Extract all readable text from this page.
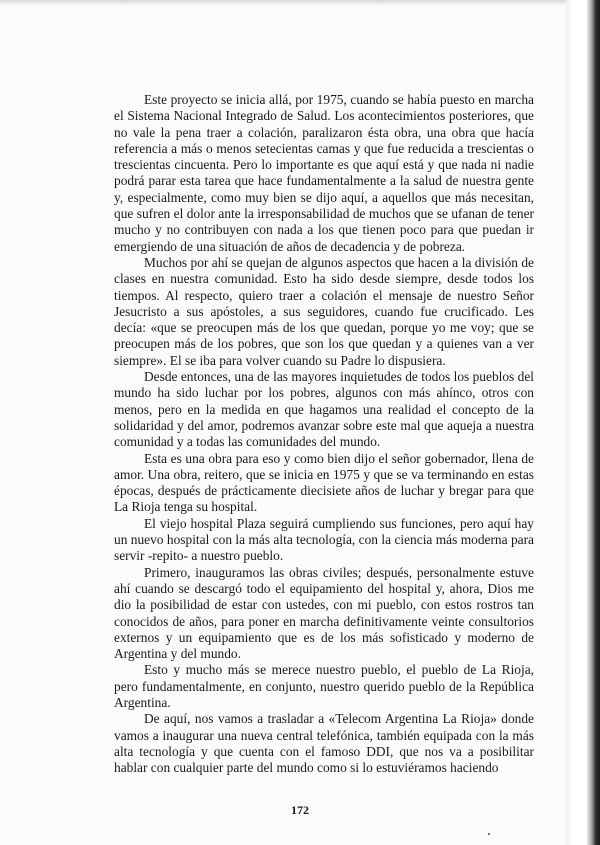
Este proyecto se inicia allá, por 1975, cuando se había puesto en marcha el Sistema Nacional Integrado de Salud. Los acontecimientos posteriores, que no vale la pena traer a colación, paralizaron ésta obra, una obra que hacía referencia a más o menos setecientas camas y que fue reducida a trescientas o trescientas cincuenta. Pero lo importante es que aquí está y que nada ni nadie podrá parar esta tarea que hace fundamentalmente a la salud de nuestra gente y, especialmente, como muy bien se dijo aquí, a aquellos que más necesitan, que sufren el dolor ante la irresponsabilidad de muchos que se ufanan de tener mucho y no contribuyen con nada a los que tienen poco para que puedan ir emergiendo de una situación de años de decadencia y de pobreza.

Muchos por ahí se quejan de algunos aspectos que hacen a la división de clases en nuestra comunidad. Esto ha sido desde siempre, desde todos los tiempos. Al respecto, quiero traer a colación el mensaje de nuestro Señor Jesucristo a sus apóstoles, a sus seguidores, cuando fue crucificado. Les decía: «que se preocupen más de los que quedan, porque yo me voy; que se preocupen más de los pobres, que son los que quedan y a quienes van a ver siempre». El se iba para volver cuando su Padre lo dispusiera.

Desde entonces, una de las mayores inquietudes de todos los pueblos del mundo ha sido luchar por los pobres, algunos con más ahínco, otros con menos, pero en la medida en que hagamos una realidad el concepto de la solidaridad y del amor, podremos avanzar sobre este mal que aqueja a nuestra comunidad y a todas las comunidades del mundo.

Esta es una obra para eso y como bien dijo el señor gobernador, llena de amor. Una obra, reitero, que se inicia en 1975 y que se va terminando en estas épocas, después de prácticamente diecisiete años de luchar y bregar para que La Rioja tenga su hospital.

El viejo hospital Plaza seguirá cumpliendo sus funciones, pero aquí hay un nuevo hospital con la más alta tecnología, con la ciencia más moderna para servir -repito- a nuestro pueblo.

Primero, inauguramos las obras civiles; después, personalmente estuve ahí cuando se descargó todo el equipamiento del hospital y, ahora, Dios me dio la posibilidad de estar con ustedes, con mi pueblo, con estos rostros tan conocidos de años, para poner en marcha definitivamente veinte consultorios externos y un equipamiento que es de los más sofisticado y moderno de Argentina y del mundo.

Esto y mucho más se merece nuestro pueblo, el pueblo de La Rioja, pero fundamentalmente, en conjunto, nuestro querido pueblo de la República Argentina.

De aquí, nos vamos a trasladar a «Telecom Argentina La Rioja» donde vamos a inaugurar una nueva central telefónica, también equipada con la más alta tecnología y que cuenta con el famoso DDI, que nos va a posibilitar hablar con cualquier parte del mundo como si lo estuviéramos haciendo

172
